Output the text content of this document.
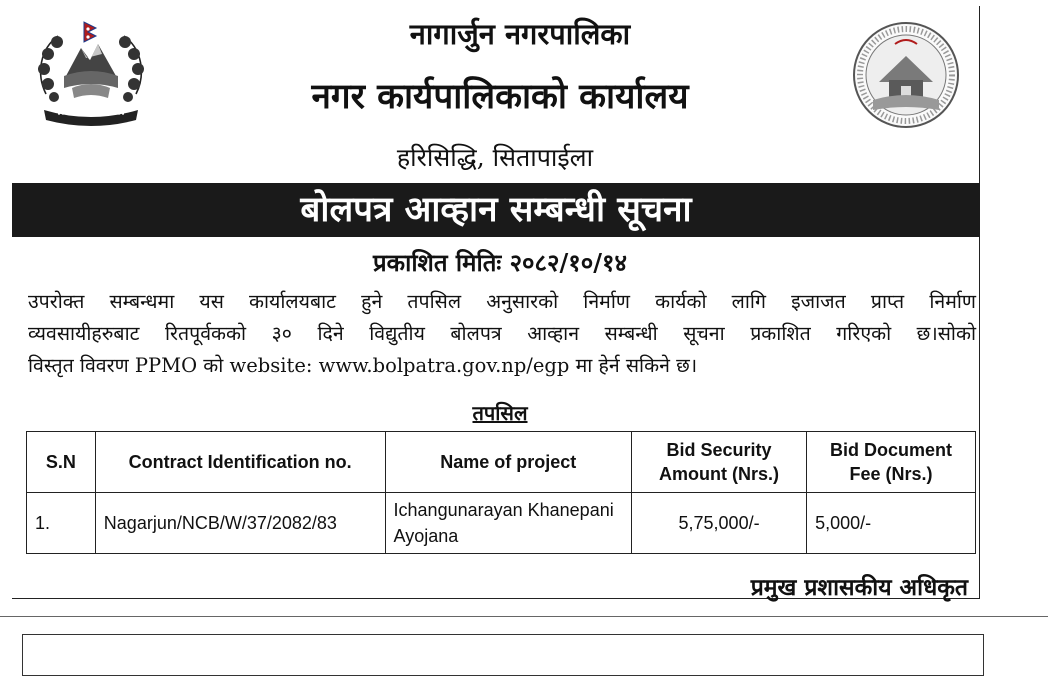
नागार्जुन नगरपालिका
नगर कार्यपालिकाको कार्यालय
हरिसिद्धि, सितापाईला
बोलपत्र आव्हान सम्बन्धी सूचना
प्रकाशित मितिः २०८२/१०/१४
उपरोक्त सम्बन्धमा यस कार्यालयबाट हुने तपसिल अनुसारको निर्माण कार्यको लागि इजाजत प्राप्त निर्माण
व्यवसायीहरुबाट रितपूर्वकको ३० दिने विद्युतीय बोलपत्र आव्हान सम्बन्धी सूचना प्रकाशित गरिएको छ।सोको
विस्तृत विवरण PPMO को website: www.bolpatra.gov.np/egp मा हेर्न सकिने छ।
तपसिल
S.N	Contract Identification no.	Name of project	Bid Security Amount (Nrs.)	Bid Document Fee (Nrs.)
1.	Nagarjun/NCB/W/37/2082/83	Ichangunarayan Khanepani Ayojana	5,75,000/-	5,000/-
प्रमुख प्रशासकीय अधिकृत
